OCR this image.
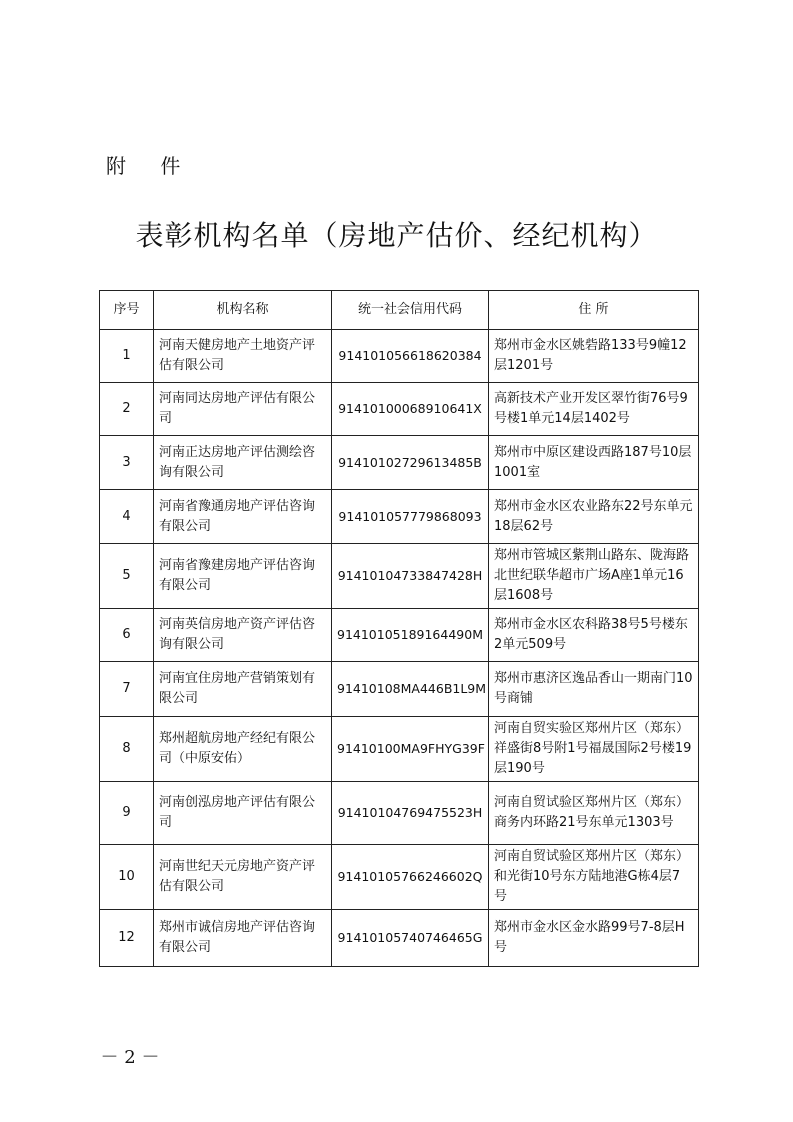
附 件
表彰机构名单（房地产估价、经纪机构）
序号	机构名称	统一社会信用代码	住 所
1	河南天健房地产土地资产评估有限公司	914101056618620384	郑州市金水区姚砦路133号9幢12层1201号
2	河南同达房地产评估有限公司	91410100068910641X	高新技术产业开发区翠竹街76号9号楼1单元14层1402号
3	河南正达房地产评估测绘咨询有限公司	91410102729613485B	郑州市中原区建设西路187号10层1001室
4	河南省豫通房地产评估咨询有限公司	914101057779868093	郑州市金水区农业路东22号东单元18层62号
5	河南省豫建房地产评估咨询有限公司	91410104733847428H	郑州市管城区紫荆山路东、陇海路北世纪联华超市广场A座1单元16层1608号
6	河南英信房地产资产评估咨询有限公司	91410105189164490M	郑州市金水区农科路38号5号楼东2单元509号
7	河南宜住房地产营销策划有限公司	91410108MA446B1L9M	郑州市惠济区逸品香山一期南门10号商铺
8	郑州超航房地产经纪有限公司（中原安佑）	91410100MA9FHYG39F	河南自贸实验区郑州片区（郑东）祥盛街8号附1号福晟国际2号楼19层190号
9	河南创泓房地产评估有限公司	91410104769475523H	河南自贸试验区郑州片区（郑东）商务内环路21号东单元1303号
10	河南世纪天元房地产资产评估有限公司	91410105766246602Q	河南自贸试验区郑州片区（郑东）和光街10号东方陆地港G栋4层7号
12	郑州市诚信房地产评估咨询有限公司	91410105740746465G	郑州市金水区金水路99号7-8层H号
－ 2 －
